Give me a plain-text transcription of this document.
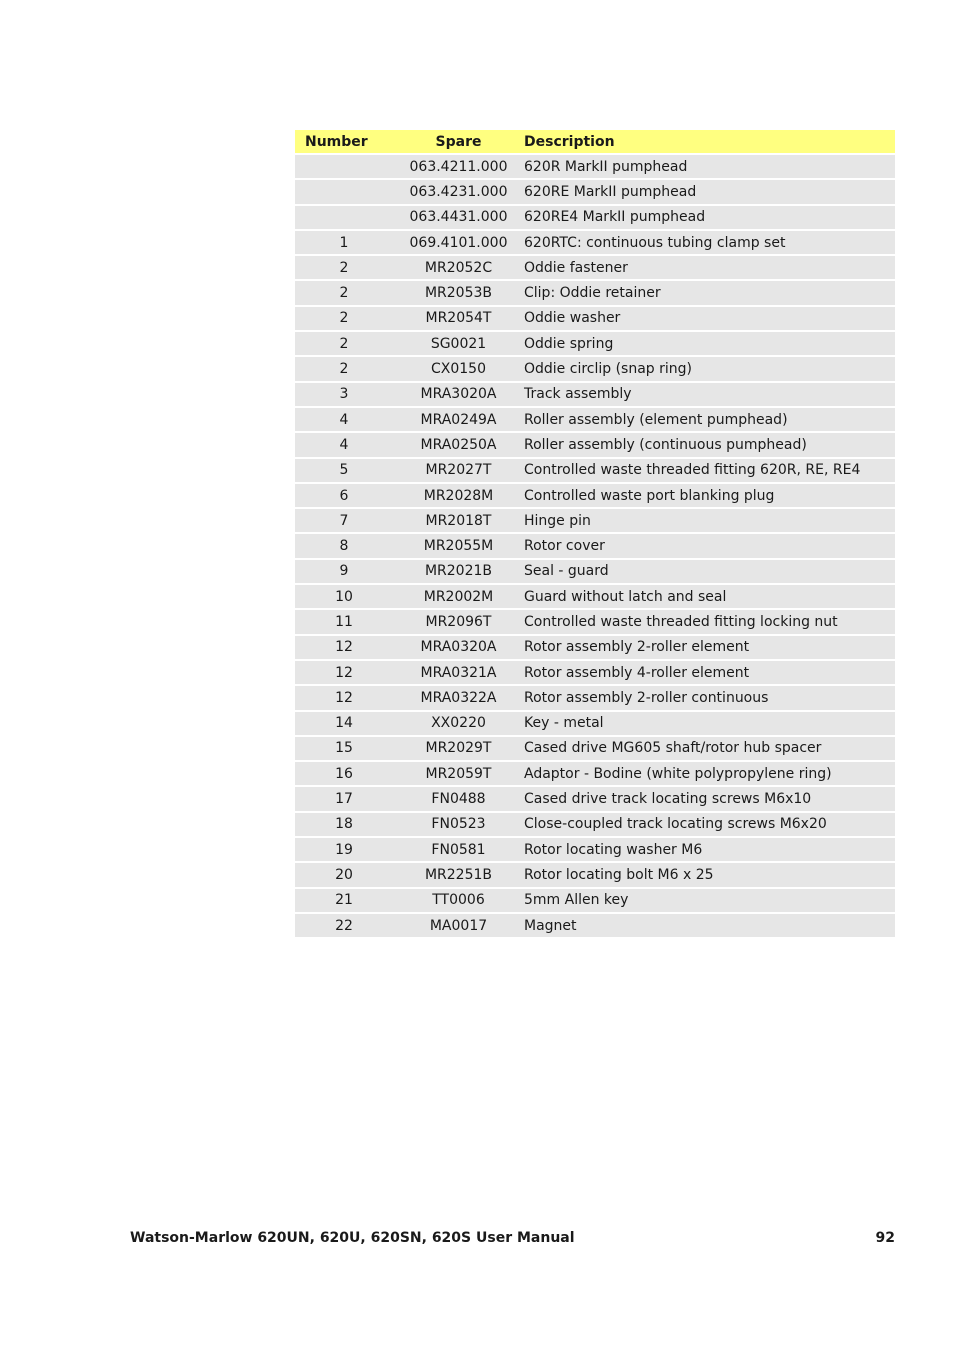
Number	Spare	Description
	063.4211.000	620R MarkII pumphead
	063.4231.000	620RE MarkII pumphead
	063.4431.000	620RE4 MarkII pumphead
1	069.4101.000	620RTC: continuous tubing clamp set
2	MR2052C	Oddie fastener
2	MR2053B	Clip: Oddie retainer
2	MR2054T	Oddie washer
2	SG0021	Oddie spring
2	CX0150	Oddie circlip (snap ring)
3	MRA3020A	Track assembly
4	MRA0249A	Roller assembly (element pumphead)
4	MRA0250A	Roller assembly (continuous pumphead)
5	MR2027T	Controlled waste threaded fitting 620R, RE, RE4
6	MR2028M	Controlled waste port blanking plug
7	MR2018T	Hinge pin
8	MR2055M	Rotor cover
9	MR2021B	Seal - guard
10	MR2002M	Guard without latch and seal
11	MR2096T	Controlled waste threaded fitting locking nut
12	MRA0320A	Rotor assembly 2-roller element
12	MRA0321A	Rotor assembly 4-roller element
12	MRA0322A	Rotor assembly 2-roller continuous
14	XX0220	Key - metal
15	MR2029T	Cased drive MG605 shaft/rotor hub spacer
16	MR2059T	Adaptor - Bodine (white polypropylene ring)
17	FN0488	Cased drive track locating screws M6x10
18	FN0523	Close-coupled track locating screws M6x20
19	FN0581	Rotor locating washer M6
20	MR2251B	Rotor locating bolt M6 x 25
21	TT0006	5mm Allen key
22	MA0017	Magnet
Watson-Marlow 620UN, 620U, 620SN, 620S User Manual	92
